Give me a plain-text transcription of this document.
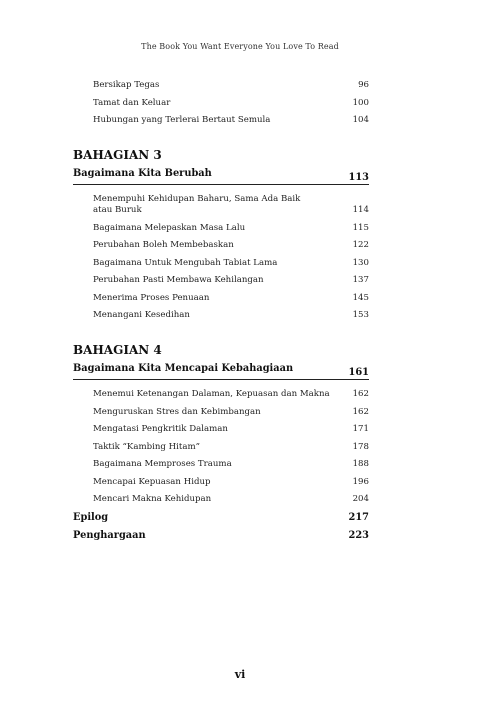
The Book You Want Everyone You Love To Read
Bersikap Tegas	96
Tamat dan Keluar	100
Hubungan yang Terlerai Bertaut Semula	104
BAHAGIAN 3
Bagaimana Kita Berubah	113
Menempuhi Kehidupan Baharu, Sama Ada Baik
atau Buruk	114
Bagaimana Melepaskan Masa Lalu	115
Perubahan Boleh Membebaskan	122
Bagaimana Untuk Mengubah Tabiat Lama	130
Perubahan Pasti Membawa Kehilangan	137
Menerima Proses Penuaan	145
Menangani Kesedihan	153
BAHAGIAN 4
Bagaimana Kita Mencapai Kebahagiaan	161
Menemui Ketenangan Dalaman, Kepuasan dan Makna	162
Menguruskan Stres dan Kebimbangan	162
Mengatasi Pengkritik Dalaman	171
Taktik “Kambing Hitam”	178
Bagaimana Memproses Trauma	188
Mencapai Kepuasan Hidup	196
Mencari Makna Kehidupan	204
Epilog	217
Penghargaan	223
vi
